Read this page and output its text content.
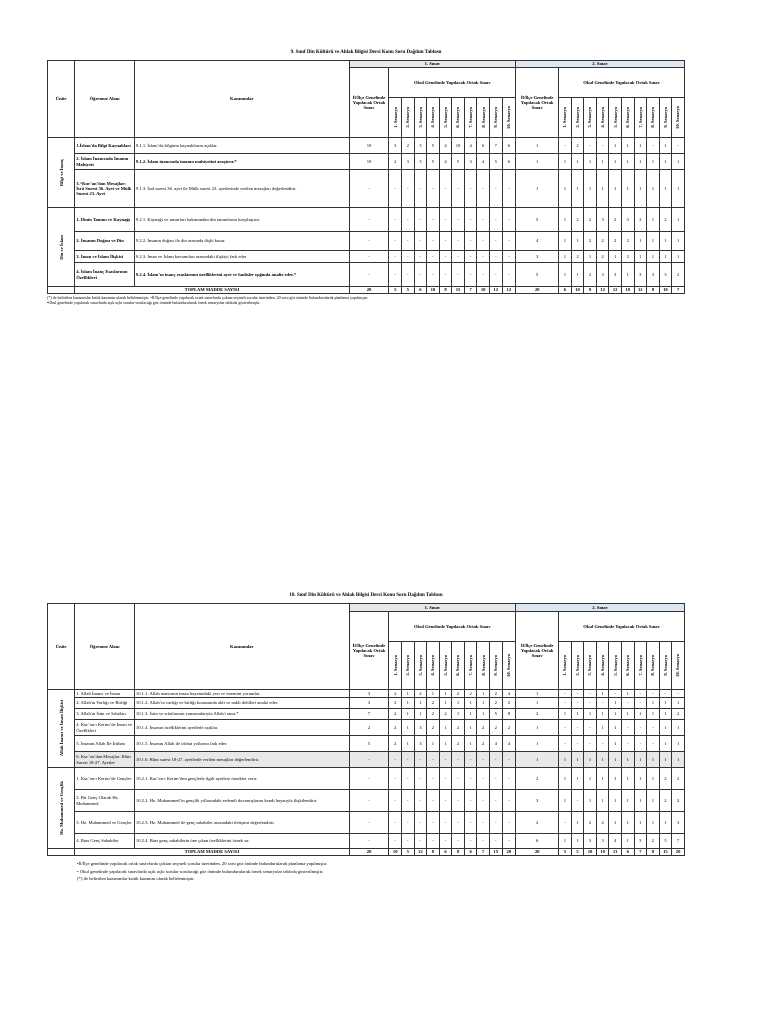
9. Sınıf Din Kültürü ve Ahlak Bilgisi Dersi Konu Soru Dağılım Tablosu
Ünite	Öğrenme Alanı	Kazanımlar	1. Sınav											2. Sınav										
			İl/İlçe Genelinde Yapılacak Ortak Sınav	Okul Genelinde Yapılacak Ortak Sınav										İl/İlçe Genelinde Yapılacak Ortak Sınav	Okul Genelinde Yapılacak Ortak Sınav									

				1. Senaryo	2. Senaryo	3. Senaryo	4. Senaryo	5. Senaryo	6. Senaryo	7. Senaryo	8. Senaryo	9. Senaryo	10. Senaryo		1. Senaryo	2. Senaryo	3. Senaryo	4. Senaryo	5. Senaryo	6. Senaryo	7. Senaryo	8. Senaryo	9. Senaryo	10. Senaryo

Bilgi ve İnanç	1.İslam'da Bilgi Kaynakları	9.1.1. İslam’da bilginin kaynaklarını açıklar.	10	3	2	3	5	4	10	4	6	7	6	1	-	2	-	-	1	1	1	-	1	-
	2. İslam İnancında İmanın Mahiyeti	9.1.2. İslam inancında imanın mahiyetini araştırır.*	10	2	3	3	5	4	5	3	4	5	6	1	1	1	1	1	1	1	1	1	1	1
	3.“Kur’an’dan Mesajlar: İsrâ Suresi 36. Ayet ve Mülk Suresi 23. Ayet	9.1.3. İsrâ suresi 36. ayet ile Mülk suresi 23. ayetlerinde verilen mesajları değerlendirir.	-	-	-	-	-	-	-	-	-	-	-	1	1	1	1	1	1	1	1	1	1	1

Din ve İslam	1. Dinin Tanımı ve Kaynağı	9.2.1. Kaynağı ve unsurları bakımından din tanımlarını karşılaştırır.	-	-	-	-	-	-	-	-	-	-	-	5	1	2	2	3	2	3	3	1	2	1
	2. İnsanın Doğası ve Din	9.2.2. İnsanın doğası ile din arasında ilişki kurar.	-	-	-	-	-	-	-	-	-	-	-	4	1	1	2	2	2	2	1	1	1	1
	3. İman ve İslam İlişkisi	9.2.3. İman ve İslam kavramları arasındaki ilişkiyi fark eder	-	-	-	-	-	-	-	-	-	-	-	3	1	2	1	2	1	2	1	1	1	1
	4. İslam İnanç Esaslarının Özellikleri	9.2.4. İslam’ın inanç esaslarının özelliklerini ayet ve hadisler ışığında analiz eder.*	-	-	-	-	-	-	-	-	-	-	-	5	1	1	2	3	3	1	3	3	3	2
	TOPLAM MADDE SAYISI		20	5	5	6	10	8	15	7	10	12	12	20	6	10	9	12	12	10	12	8	10	7
(*) ile belirtilen kazanımlar kritik kazanım olarak belirlenmiştir. •İl/İlçe genelinde yapılacak ortak sınavlarda çoktan seçmeli sorular üzerinden, 20 soru göz önünde bulundurularak planlama yapılmıştır.
•Okul genelinde yapılacak sınavlarda açık uçlu sorular sorulacağı göz önünde bulundurularak örnek senaryolar tabloda gösterilmiştir.
10. Sınıf Din Kültürü ve Ahlak Bilgisi Dersi Konu Soru Dağılım Tablosu
Ünite	Öğrenme Alanı	Kazanımlar	1. Sınav											2. Sınav										
			İl/İlçe Genelinde Yapılacak Ortak Sınav	Okul Genelinde Yapılacak Ortak Sınav										İl/İlçe Genelinde Yapılacak Ortak Sınav	Okul Genelinde Yapılacak Ortak Sınav									

				1. Senaryo	2. Senaryo	3. Senaryo	4. Senaryo	5. Senaryo	6. Senaryo	7. Senaryo	8. Senaryo	9. Senaryo	10. Senaryo		1. Senaryo	2. Senaryo	3. Senaryo	4. Senaryo	5. Senaryo	6. Senaryo	7. Senaryo	8. Senaryo	9. Senaryo	10. Senaryo

Allah İnancı ve İnsan İlişkisi	1. Allah İnancı ve İnsan	10.1.1. Allah inancının insan hayatındaki yeri ve önemini yorumlar.	3	2	1	2	1	1	2	2	1	2	4	1	-	-	-	1	-	1	-	-	-	-
	2. Allah'ın Varlığı ve Birliği	10.1.2. Allah’ın varlığı ve birliği konusunda akli ve nakli delilleri analiz eder.	3	2	1	1	2	1	1	1	1	2	2	1	-	-	-	-	1	-	-	1	1	1
	3. Allah'ın İsim ve Sıfatları	10.1.3. İsim ve sıfatlarının yansımalarıyla Allah'ı tanır.*	7	2	1	1	2	2	1	1	1	5	8	2	1	1	1	1	1	1	1	1	1	2
	4. Kur’an-ı Kerim’de İnsan ve Özellikleri	10.1.4. İnsanın özelliklerini ayetlerle açıklar.	2	2	1	3	2	1	2	1	2	2	2	1	-	-	-	1	1	-	-	-	1	1
	5. İnsanın Allah İle İrtibatı	10.1.5. İnsanın Allah ile irtibat yollarını fark eder.	5	2	1	3	1	1	2	1	2	4	4	1	-	-	-	-	1	-	-	-	1	1
	6. Kur’an’dan Mesajlar: Rûm Suresi 18-27. Ayetler	10.1.6. Rûm suresi 18-27. ayetlerde verilen mesajları değerlendirir.	-	-	-	-	-	-	-	-	-	-	-	1	1	1	1	1	1	1	1	1	1	1

Hz. Muhammed ve Gençlik	1. Kur’an-ı Kerim’de Gençler	10.2.1. Kur’an-ı Kerim’den gençlerle ilgili ayetlere örnekler verir.	-	-	-	-	-	-	-	-	-	-	-	2	1	1	1	1	1	1	1	1	2	2
	2. Bir Genç Olarak Hz. Muhammed	10.2.2. Hz. Muhammed’in gençlik yıllarındaki erdemli davranışlarını kendi hayatıyla ilişkilendirir.	-	-	-	-	-	-	-	-	-	-	-	3	1	-	1	1	1	1	1	1	2	2
	3. Hz. Muhammed ve Gençler	10.2.3. Hz. Muhammed ile genç sahabiler arasındaki iletişimi değerlendirir.	-	-	-	-	-	-	-	-	-	-	-	2	-	1	2	2	1	1	1	1	1	3
	4. Bazı Genç Sahabiler	10.2.4. Bazı genç sahabilerin öne çıkan özelliklerini örnek sır.	-	-	-	-	-	-	-	-	-	-	-	6	1	1	3	3	4	1	3	2	5	7
	TOPLAM MADDE SAYISI		20	10	5	12	8	6	8	6	7	15	20	20	5	5	10	10	13	6	7	8	15	20
•İl/İlçe genelinde yapılacak ortak sınavlarda çoktan seçmeli sorular üzerinden, 20 soru göz önünde bulundurularak planlama yapılmıştır.
• Okul genelinde yapılacak sınavlarda açık uçlu sorular sorulacağı göz önünde bulundurularak örnek senaryolar tabloda gösterilmiştir.
(*) ile belirtilen kazanımlar kritik kazanım olarak belirlenmiştir.
